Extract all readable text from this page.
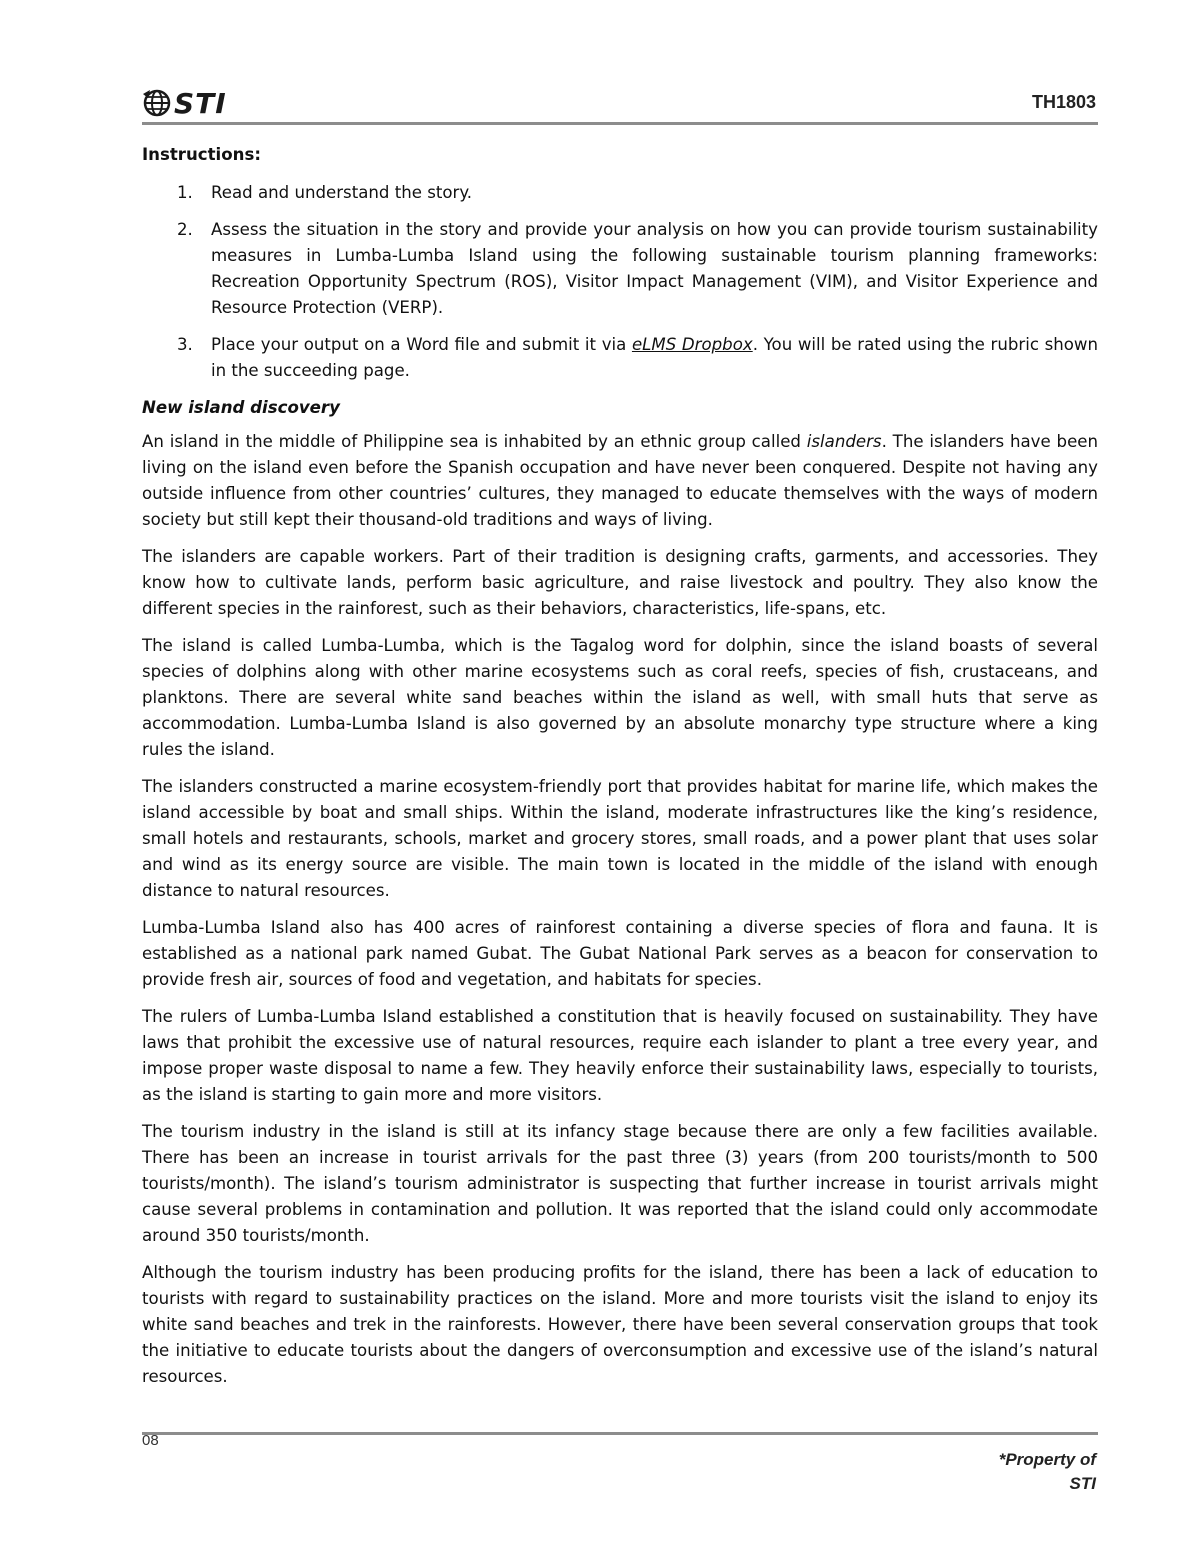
STI	TH1803
Instructions:
1. Read and understand the story.
2. Assess the situation in the story and provide your analysis on how you can provide tourism sustainability measures in Lumba-Lumba Island using the following sustainable tourism planning frameworks: Recreation Opportunity Spectrum (ROS), Visitor Impact Management (VIM), and Visitor Experience and Resource Protection (VERP).
3. Place your output on a Word file and submit it via eLMS Dropbox. You will be rated using the rubric shown in the succeeding page.
New island discovery

An island in the middle of Philippine sea is inhabited by an ethnic group called islanders. The islanders have been living on the island even before the Spanish occupation and have never been conquered. Despite not having any outside influence from other countries’ cultures, they managed to educate themselves with the ways of modern society but still kept their thousand-old traditions and ways of living.

The islanders are capable workers. Part of their tradition is designing crafts, garments, and accessories. They know how to cultivate lands, perform basic agriculture, and raise livestock and poultry. They also know the different species in the rainforest, such as their behaviors, characteristics, life-spans, etc.

The island is called Lumba-Lumba, which is the Tagalog word for dolphin, since the island boasts of several species of dolphins along with other marine ecosystems such as coral reefs, species of fish, crustaceans, and planktons. There are several white sand beaches within the island as well, with small huts that serve as accommodation. Lumba-Lumba Island is also governed by an absolute monarchy type structure where a king rules the island.

The islanders constructed a marine ecosystem-friendly port that provides habitat for marine life, which makes the island accessible by boat and small ships. Within the island, moderate infrastructures like the king’s residence, small hotels and restaurants, schools, market and grocery stores, small roads, and a power plant that uses solar and wind as its energy source are visible. The main town is located in the middle of the island with enough distance to natural resources.

Lumba-Lumba Island also has 400 acres of rainforest containing a diverse species of flora and fauna. It is established as a national park named Gubat. The Gubat National Park serves as a beacon for conservation to provide fresh air, sources of food and vegetation, and habitats for species.

The rulers of Lumba-Lumba Island established a constitution that is heavily focused on sustainability. They have laws that prohibit the excessive use of natural resources, require each islander to plant a tree every year, and impose proper waste disposal to name a few. They heavily enforce their sustainability laws, especially to tourists, as the island is starting to gain more and more visitors.

The tourism industry in the island is still at its infancy stage because there are only a few facilities available. There has been an increase in tourist arrivals for the past three (3) years (from 200 tourists/month to 500 tourists/month). The island’s tourism administrator is suspecting that further increase in tourist arrivals might cause several problems in contamination and pollution. It was reported that the island could only accommodate around 350 tourists/month.

Although the tourism industry has been producing profits for the island, there has been a lack of education to tourists with regard to sustainability practices on the island. More and more tourists visit the island to enjoy its white sand beaches and trek in the rainforests. However, there have been several conservation groups that took the initiative to educate tourists about the dangers of overconsumption and excessive use of the island’s natural resources.

08
*Property of
STI
